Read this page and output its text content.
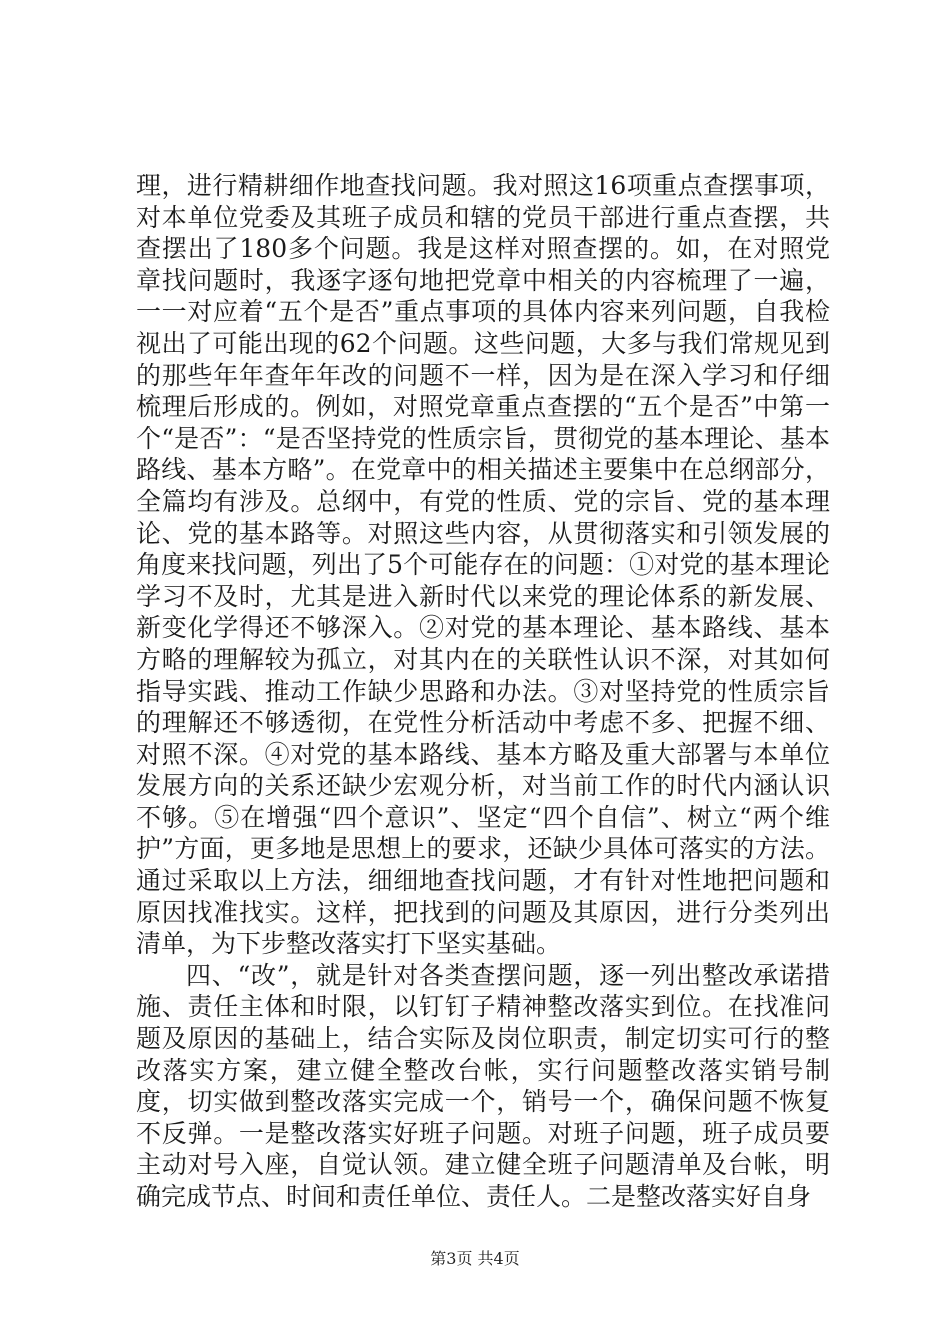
理，进行精耕细作地查找问题。我对照这16项重点查摆事项，对本单位党委及其班子成员和辖的党员干部进行重点查摆，共查摆出了180多个问题。我是这样对照查摆的。如，在对照党章找问题时，我逐字逐句地把党章中相关的内容梳理了一遍，一一对应着“五个是否”重点事项的具体内容来列问题，自我检视出了可能出现的62个问题。这些问题，大多与我们常规见到的那些年年查年年改的问题不一样，因为是在深入学习和仔细梳理后形成的。例如，对照党章重点查摆的“五个是否”中第一个“是否”：“是否坚持党的性质宗旨，贯彻党的基本理论、基本路线、基本方略”。在党章中的相关描述主要集中在总纲部分，全篇均有涉及。总纲中，有党的性质、党的宗旨、党的基本理论、党的基本路等。对照这些内容，从贯彻落实和引领发展的角度来找问题，列出了5个可能存在的问题：①对党的基本理论学习不及时，尤其是进入新时代以来党的理论体系的新发展、新变化学得还不够深入。②对党的基本理论、基本路线、基本方略的理解较为孤立，对其内在的关联性认识不深，对其如何指导实践、推动工作缺少思路和办法。③对坚持党的性质宗旨的理解还不够透彻，在党性分析活动中考虑不多、把握不细、对照不深。④对党的基本路线、基本方略及重大部署与本单位发展方向的关系还缺少宏观分析，对当前工作的时代内涵认识不够。⑤在增强“四个意识”、坚定“四个自信”、树立“两个维护”方面，更多地是思想上的要求，还缺少具体可落实的方法。通过采取以上方法，细细地查找问题，才有针对性地把问题和原因找准找实。这样，把找到的问题及其原因，进行分类列出清单，为下步整改落实打下坚实基础。

四、“改”，就是针对各类查摆问题，逐一列出整改承诺措施、责任主体和时限，以钉钉子精神整改落实到位。在找准问题及原因的基础上，结合实际及岗位职责，制定切实可行的整改落实方案，建立健全整改台帐，实行问题整改落实销号制度，切实做到整改落实完成一个，销号一个，确保问题不恢复不反弹。一是整改落实好班子问题。对班子问题，班子成员要主动对号入座，自觉认领。建立健全班子问题清单及台帐，明确完成节点、时间和责任单位、责任人。二是整改落实好自身

第3页 共4页
